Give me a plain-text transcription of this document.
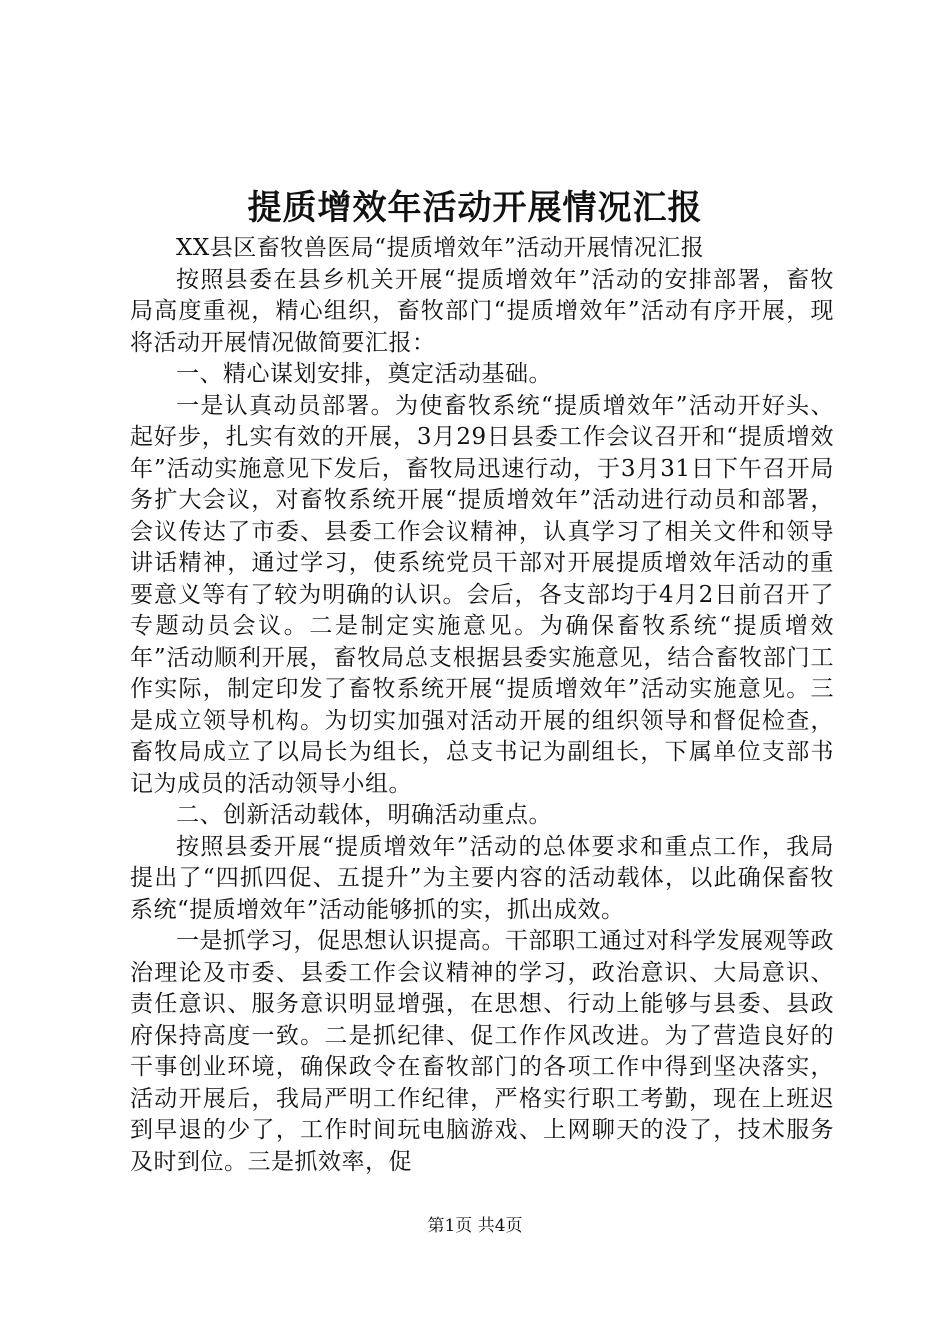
提质增效年活动开展情况汇报

XX县区畜牧兽医局“提质增效年”活动开展情况汇报

按照县委在县乡机关开展“提质增效年”活动的安排部署，畜牧局高度重视，精心组织，畜牧部门“提质增效年”活动有序开展，现将活动开展情况做简要汇报：

一、精心谋划安排，奠定活动基础。

一是认真动员部署。为使畜牧系统“提质增效年”活动开好头、起好步，扎实有效的开展，3月29日县委工作会议召开和“提质增效年”活动实施意见下发后，畜牧局迅速行动，于3月31日下午召开局务扩大会议，对畜牧系统开展“提质增效年”活动进行动员和部署，会议传达了市委、县委工作会议精神，认真学习了相关文件和领导讲话精神，通过学习，使系统党员干部对开展提质增效年活动的重要意义等有了较为明确的认识。会后，各支部均于4月2日前召开了专题动员会议。二是制定实施意见。为确保畜牧系统“提质增效年”活动顺利开展，畜牧局总支根据县委实施意见，结合畜牧部门工作实际，制定印发了畜牧系统开展“提质增效年”活动实施意见。三是成立领导机构。为切实加强对活动开展的组织领导和督促检查，畜牧局成立了以局长为组长，总支书记为副组长，下属单位支部书记为成员的活动领导小组。

二、创新活动载体，明确活动重点。

按照县委开展“提质增效年”活动的总体要求和重点工作，我局提出了“四抓四促、五提升”为主要内容的活动载体，以此确保畜牧系统“提质增效年”活动能够抓的实，抓出成效。

一是抓学习，促思想认识提高。干部职工通过对科学发展观等政治理论及市委、县委工作会议精神的学习，政治意识、大局意识、责任意识、服务意识明显增强，在思想、行动上能够与县委、县政府保持高度一致。二是抓纪律、促工作作风改进。为了营造良好的干事创业环境，确保政令在畜牧部门的各项工作中得到坚决落实，活动开展后，我局严明工作纪律，严格实行职工考勤，现在上班迟到早退的少了，工作时间玩电脑游戏、上网聊天的没了，技术服务及时到位。三是抓效率，促

第1页 共4页
